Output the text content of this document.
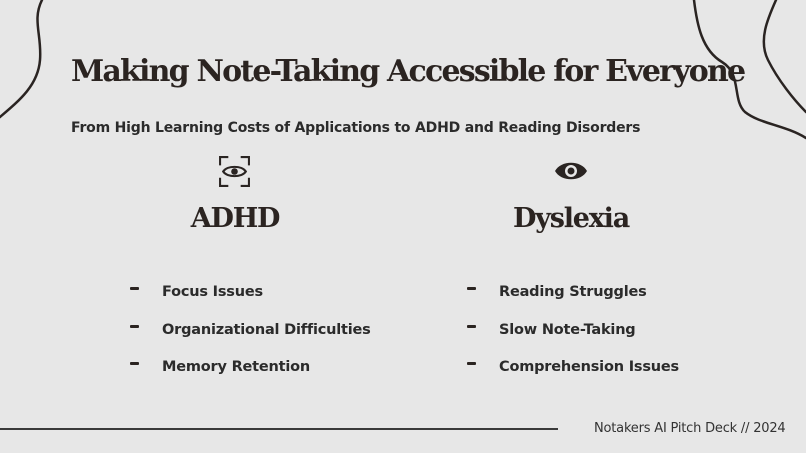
Making Note-Taking Accessible for Everyone

From High Learning Costs of Applications to ADHD and Reading Disorders

ADHD
Focus Issues
Organizational Difficulties
Memory Retention
Dyslexia
Reading Struggles
Slow Note-Taking
Comprehension Issues
Notakers AI Pitch Deck // 2024
